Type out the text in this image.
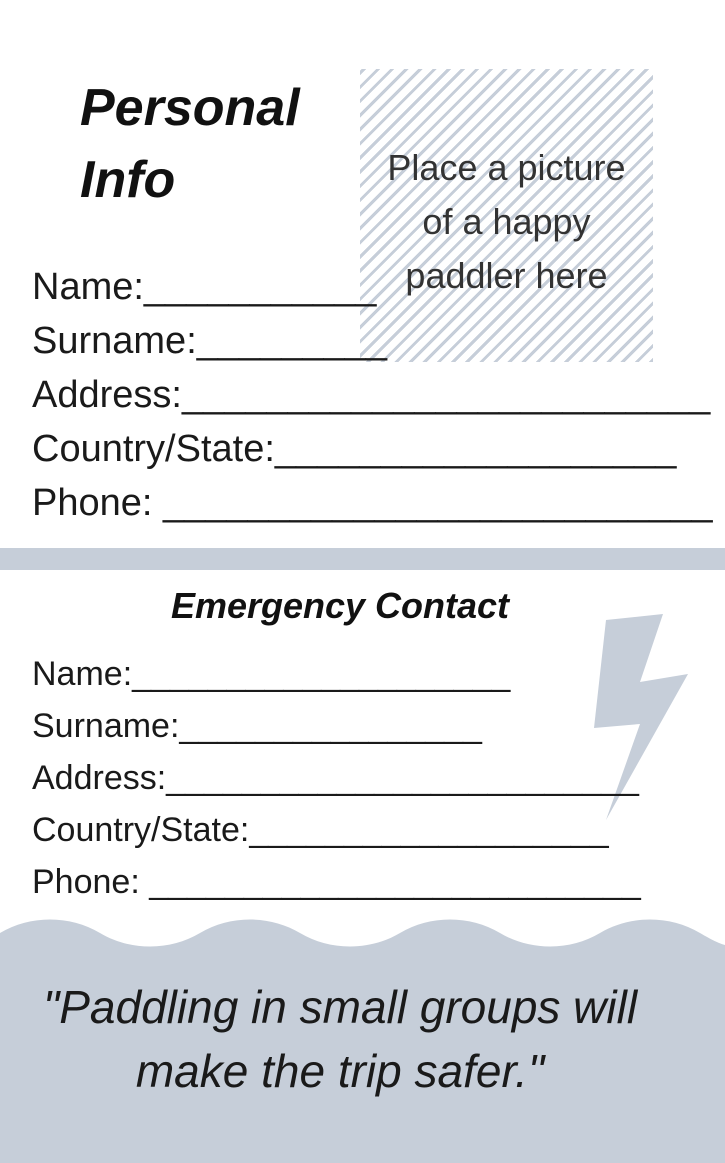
Personal Info	Place a picture of a happy paddler here
Name:___________
Surname:_________
Address:_________________________
Country/State:___________________
Phone: __________________________
Emergency Contact
Name:____________________
Surname:________________
Address:_________________________
Country/State:___________________
Phone: __________________________

"Paddling in small groups will make the trip safer."
